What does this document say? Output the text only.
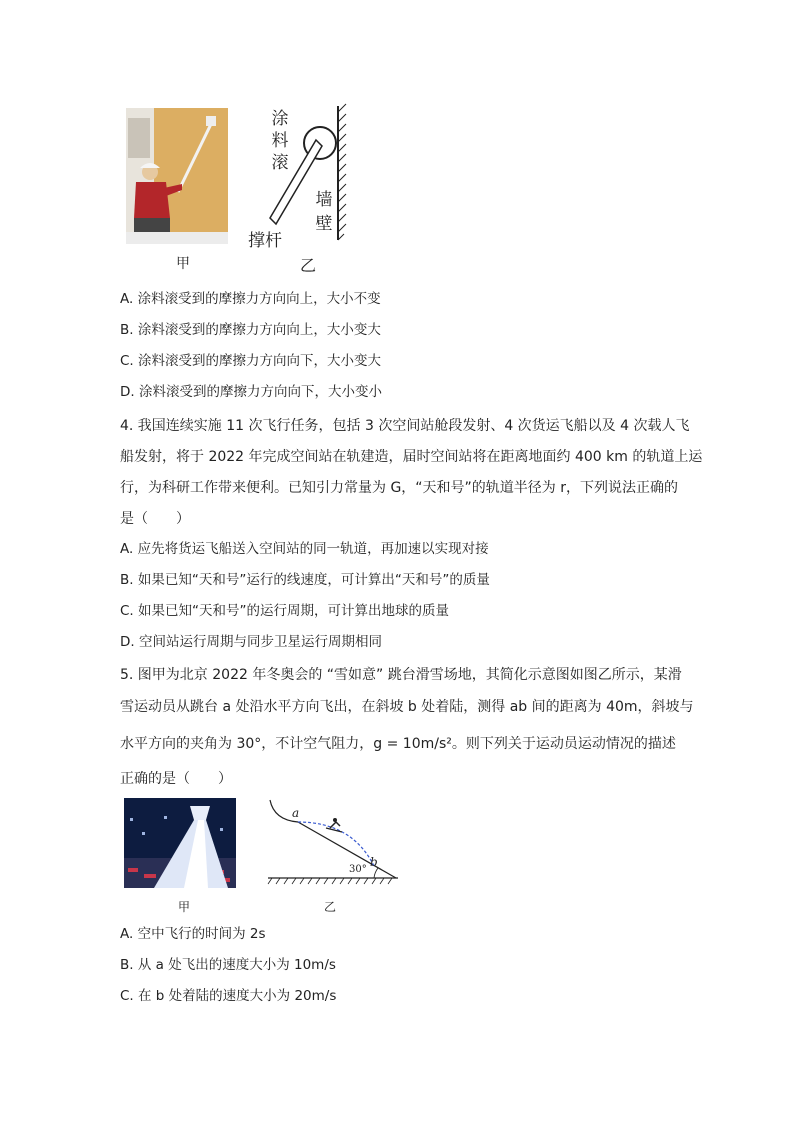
甲
涂
料
滚
墙
壁
撑杆
乙
A. 涂料滚受到的摩擦力方向向上，大小不变
B. 涂料滚受到的摩擦力方向向上，大小变大
C. 涂料滚受到的摩擦力方向向下，大小变大
D. 涂料滚受到的摩擦力方向向下，大小变小
4. 我国连续实施 11 次飞行任务，包括 3 次空间站舱段发射、4 次货运飞船以及 4 次载人飞
船发射，将于 2022 年完成空间站在轨建造，届时空间站将在距离地面约 400 km 的轨道上运
行，为科研工作带来便利。已知引力常量为 G，“天和号”的轨道半径为 r，下列说法正确的
是（　　）
A. 应先将货运飞船送入空间站的同一轨道，再加速以实现对接
B. 如果已知“天和号”运行的线速度，可计算出“天和号”的质量
C. 如果已知“天和号”的运行周期，可计算出地球的质量
D. 空间站运行周期与同步卫星运行周期相同
5. 图甲为北京 2022 年冬奥会的 “雪如意” 跳台滑雪场地，其简化示意图如图乙所示，某滑
雪运动员从跳台 a 处沿水平方向飞出，在斜坡 b 处着陆，测得 ab 间的距离为 40m，斜坡与
水平方向的夹角为 30°，不计空气阻力，g = 10m/s²。则下列关于运动员运动情况的描述
正确的是（　　）
甲
a
b
30°
乙
A. 空中飞行的时间为 2s
B. 从 a 处飞出的速度大小为 10m/s
C. 在 b 处着陆的速度大小为 20m/s
